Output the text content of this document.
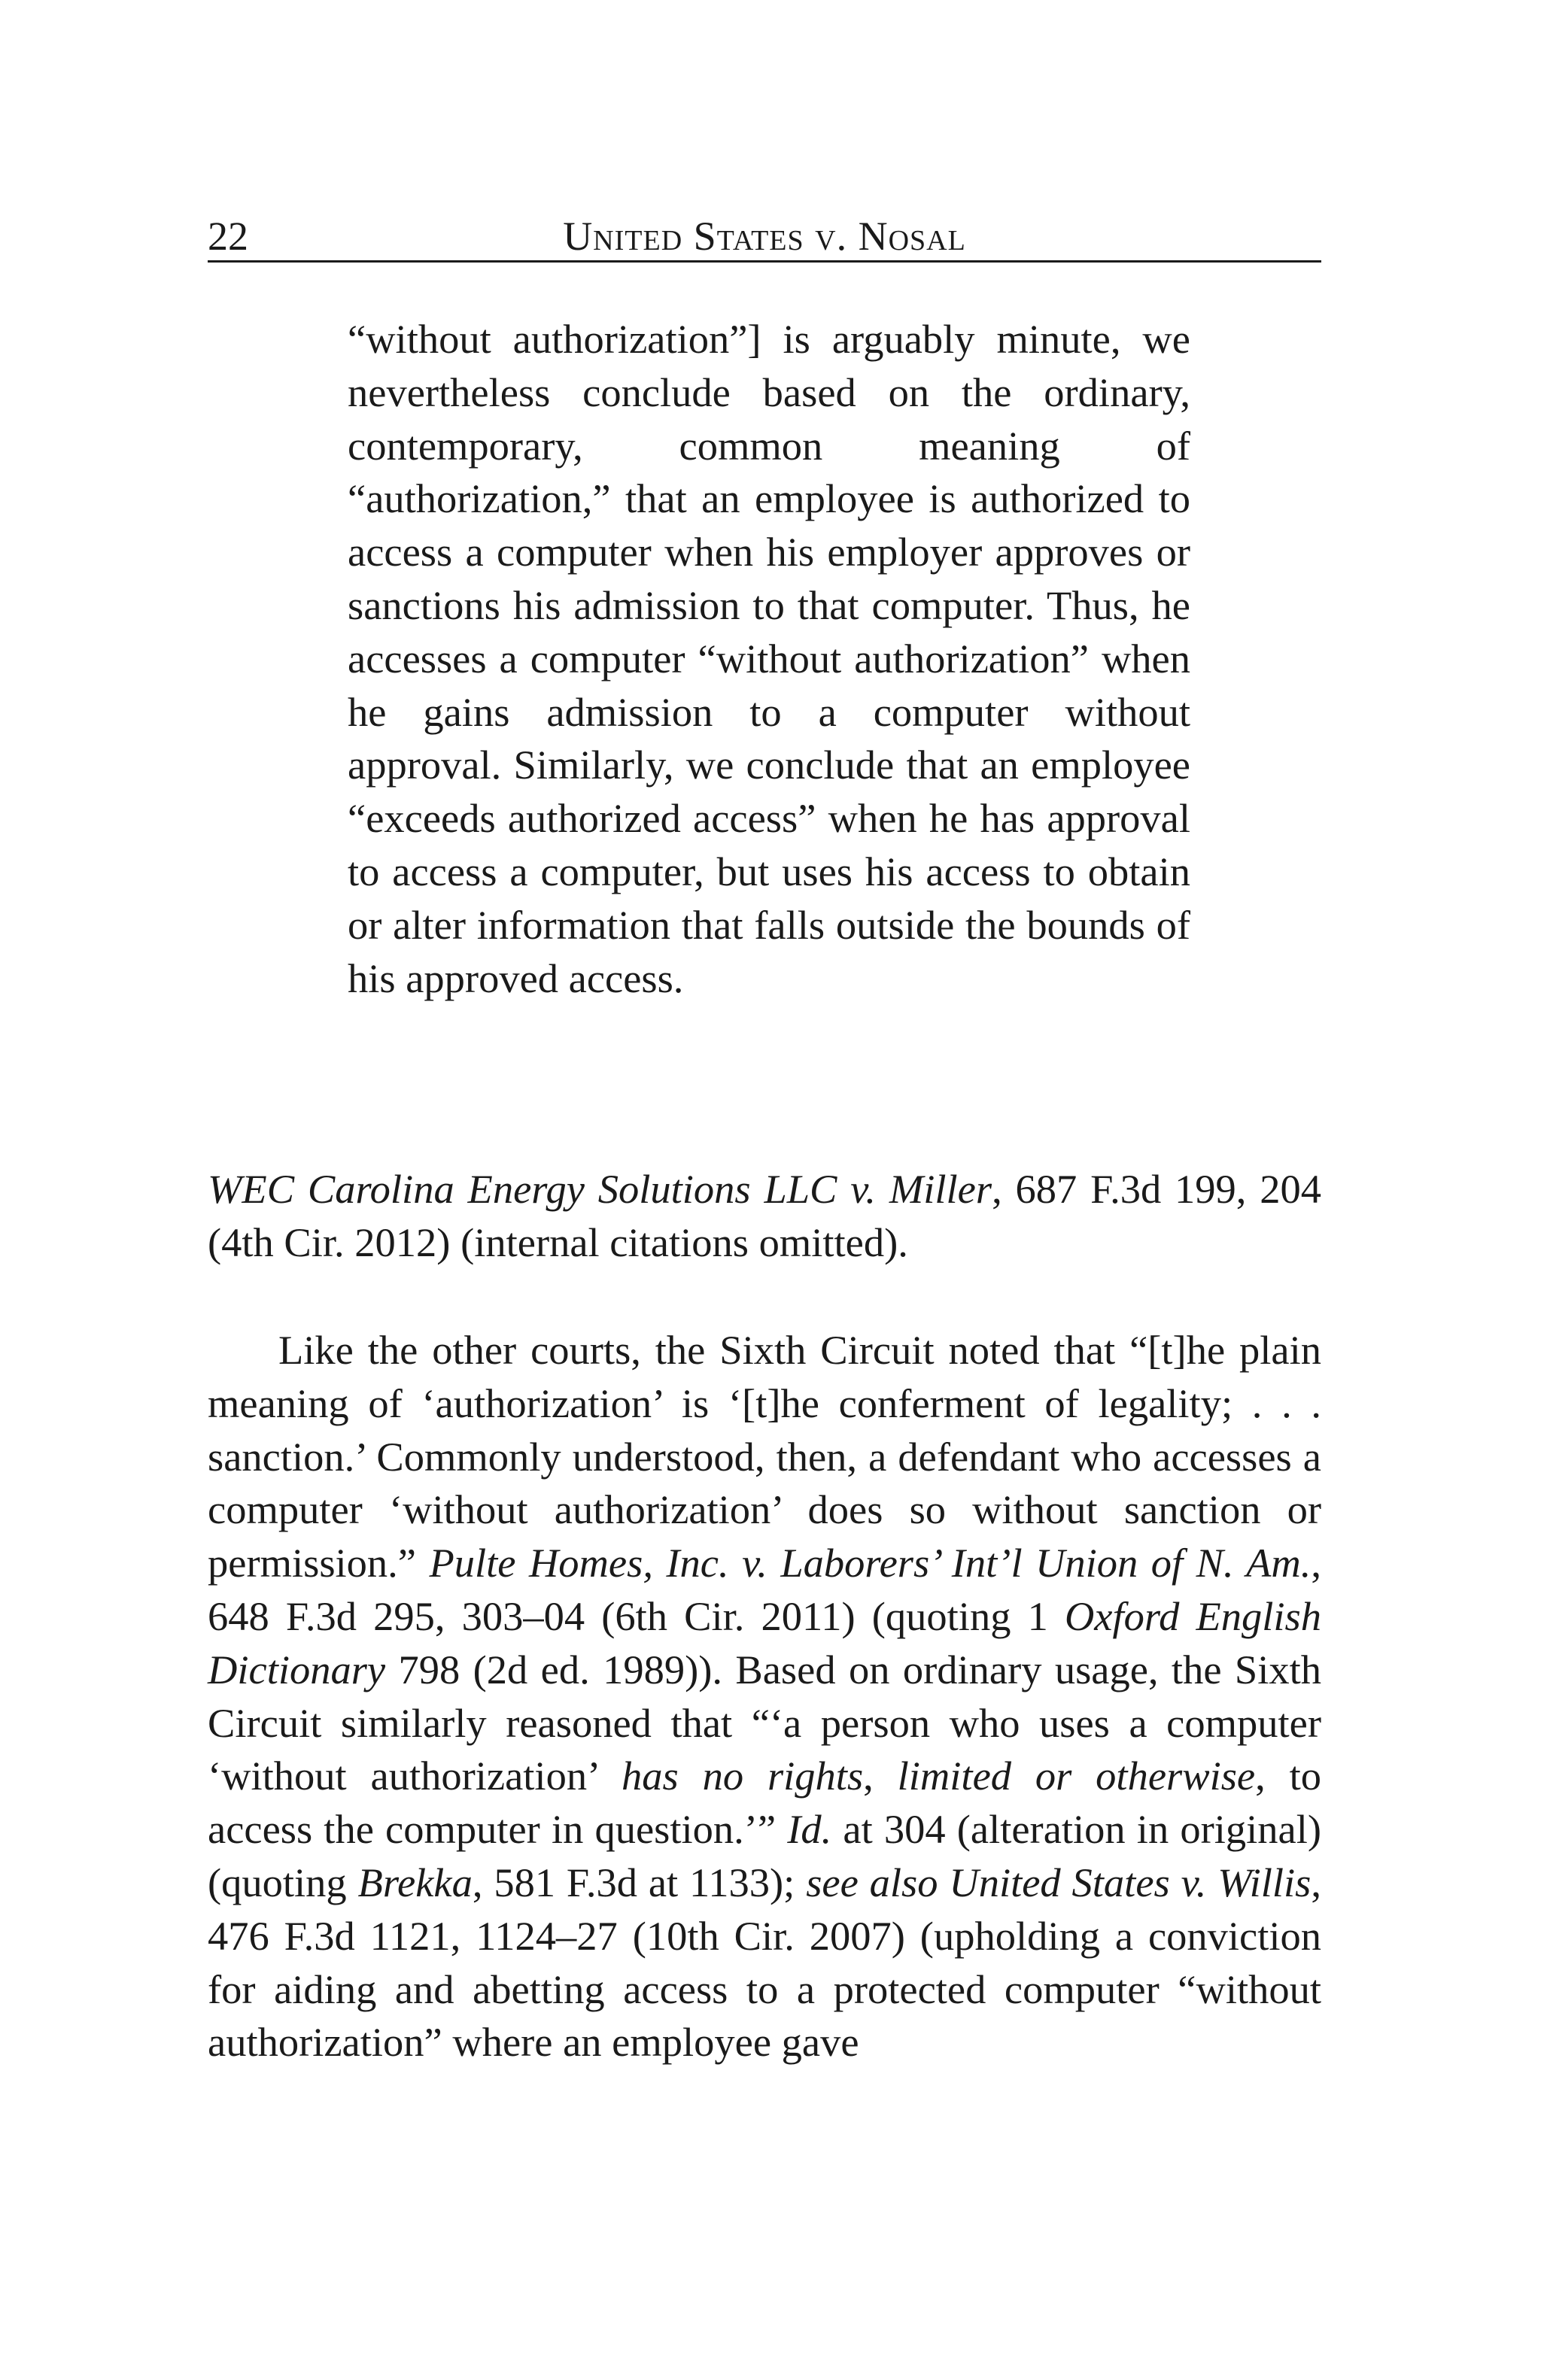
22	United States v. Nosal

“without authorization”] is arguably minute, we nevertheless conclude based on the ordinary, contemporary, common meaning of “authorization,” that an employee is authorized to access a computer when his employer approves or sanctions his admission to that computer. Thus, he accesses a computer “without authorization” when he gains admission to a computer without approval. Similarly, we conclude that an employee “exceeds authorized access” when he has approval to access a computer, but uses his access to obtain or alter information that falls outside the bounds of his approved access.

WEC Carolina Energy Solutions LLC v. Miller, 687 F.3d 199, 204 (4th Cir. 2012) (internal citations omitted).

Like the other courts, the Sixth Circuit noted that “[t]he plain meaning of ‘authorization’ is ‘[t]he conferment of legality; . . . sanction.’ Commonly understood, then, a defendant who accesses a computer ‘without authorization’ does so without sanction or permission.” Pulte Homes, Inc. v. Laborers’ Int’l Union of N. Am., 648 F.3d 295, 303–04 (6th Cir. 2011) (quoting 1 Oxford English Dictionary 798 (2d ed. 1989)). Based on ordinary usage, the Sixth Circuit similarly reasoned that “‘a person who uses a computer ‘without authorization’ has no rights, limited or otherwise, to access the computer in question.’” Id. at 304 (alteration in original) (quoting Brekka, 581 F.3d at 1133); see also United States v. Willis, 476 F.3d 1121, 1124–27 (10th Cir. 2007) (upholding a conviction for aiding and abetting access to a protected computer “without authorization” where an employee gave
